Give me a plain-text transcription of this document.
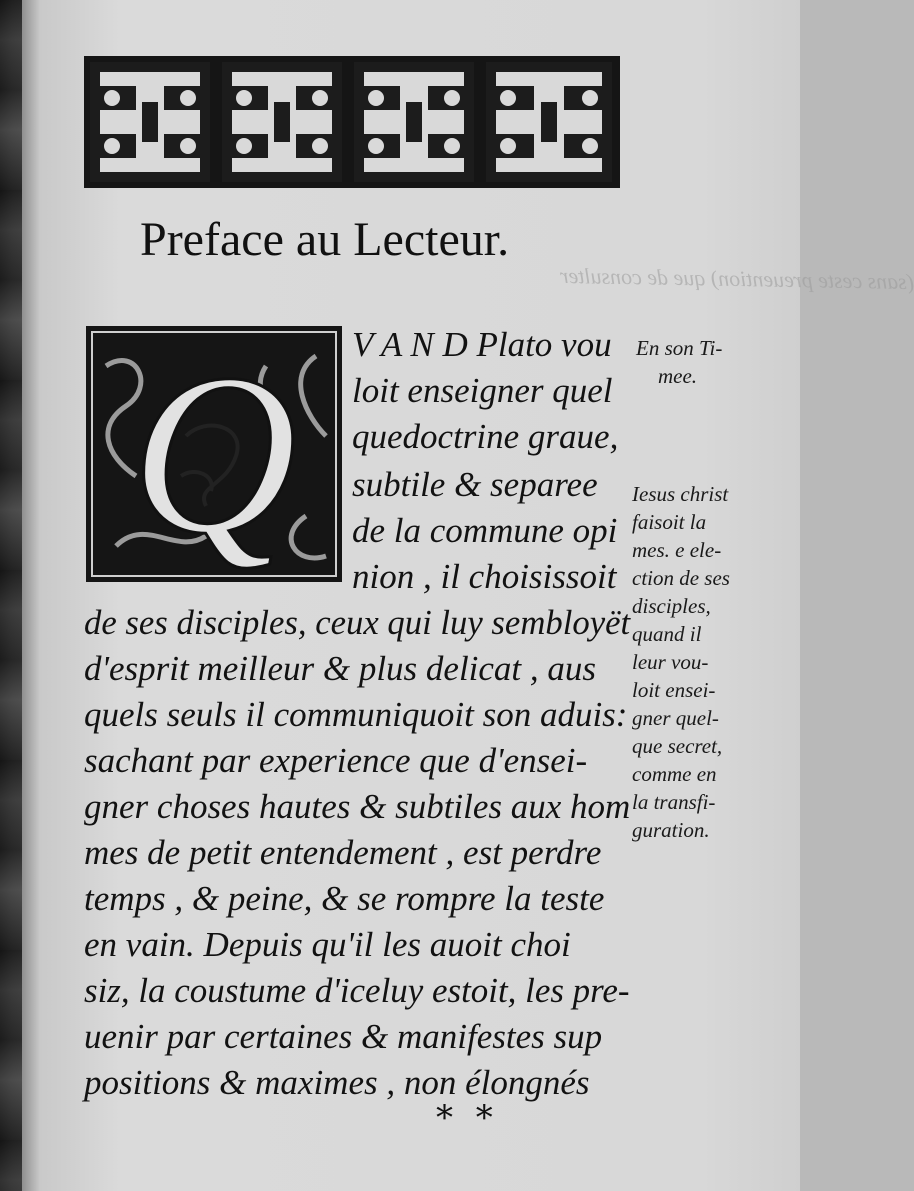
(sans ceste preuention) que de consulter
Preface au Lecteur.
Q V A N D Plato vou
loit enseigner quel
quedoctrine graue,
subtile & separee
de la commune opi
nion , il choisissoit
de ses disciples, ceux qui luy sembloyët
d'esprit meilleur & plus delicat , aus
quels seuls il communiquoit son aduis:
sachant par experience que d'ensei-
gner choses hautes & subtiles aux hom
mes de petit entendement , est perdre
temps , & peine, & se rompre la teste
en vain. Depuis qu'il les auoit choi
siz, la coustume d'iceluy estoit, les pre-
uenir par certaines & manifestes sup
positions & maximes , non élongnés
En son Ti-
mee.
Iesus christ
faisoit la
mes. e ele-
ction de ses
disciples,
quand il
leur vou-
loit ensei-
gner quel-
que secret,
comme en
la transfi-
guration.
* *
